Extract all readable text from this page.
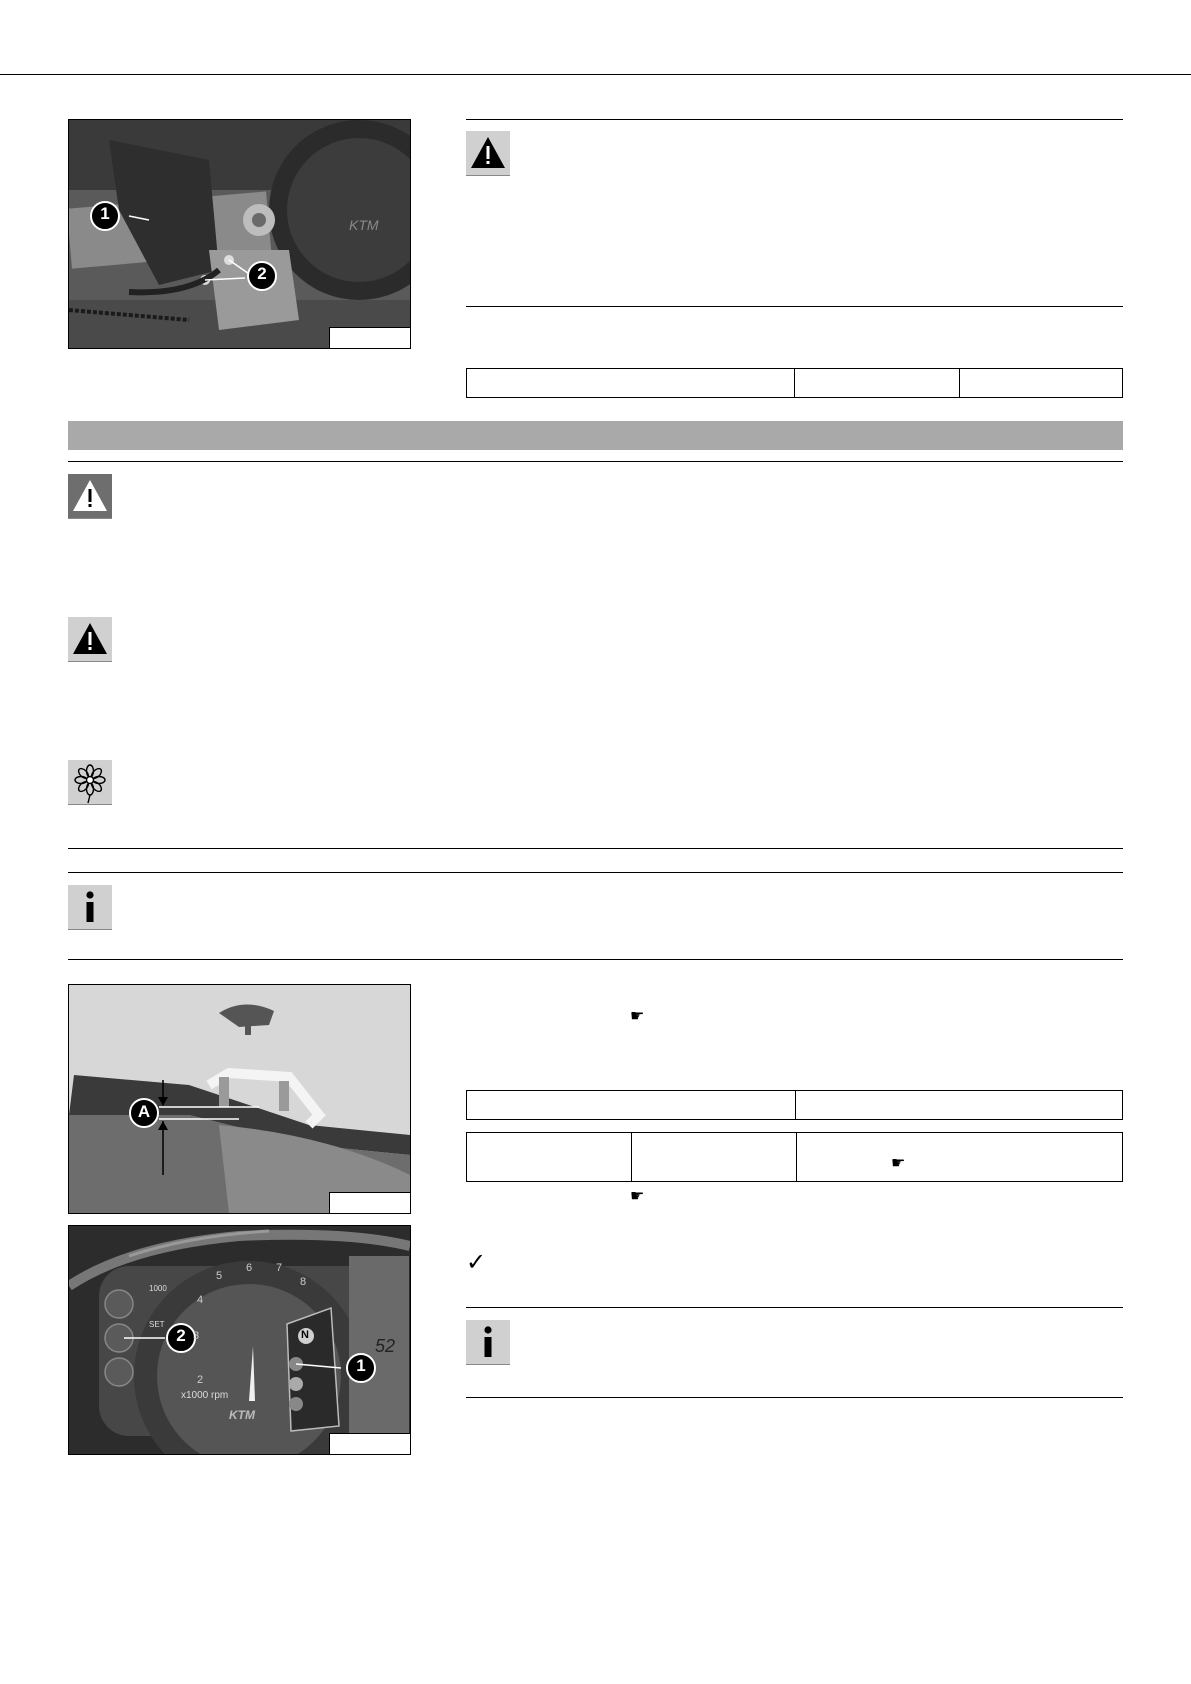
KTM
1
2

A
☛

☛
☛
2
1
5
6 7
8
4
3
2
1000
SET
x1000 rpm
KTM
N
52
✓
